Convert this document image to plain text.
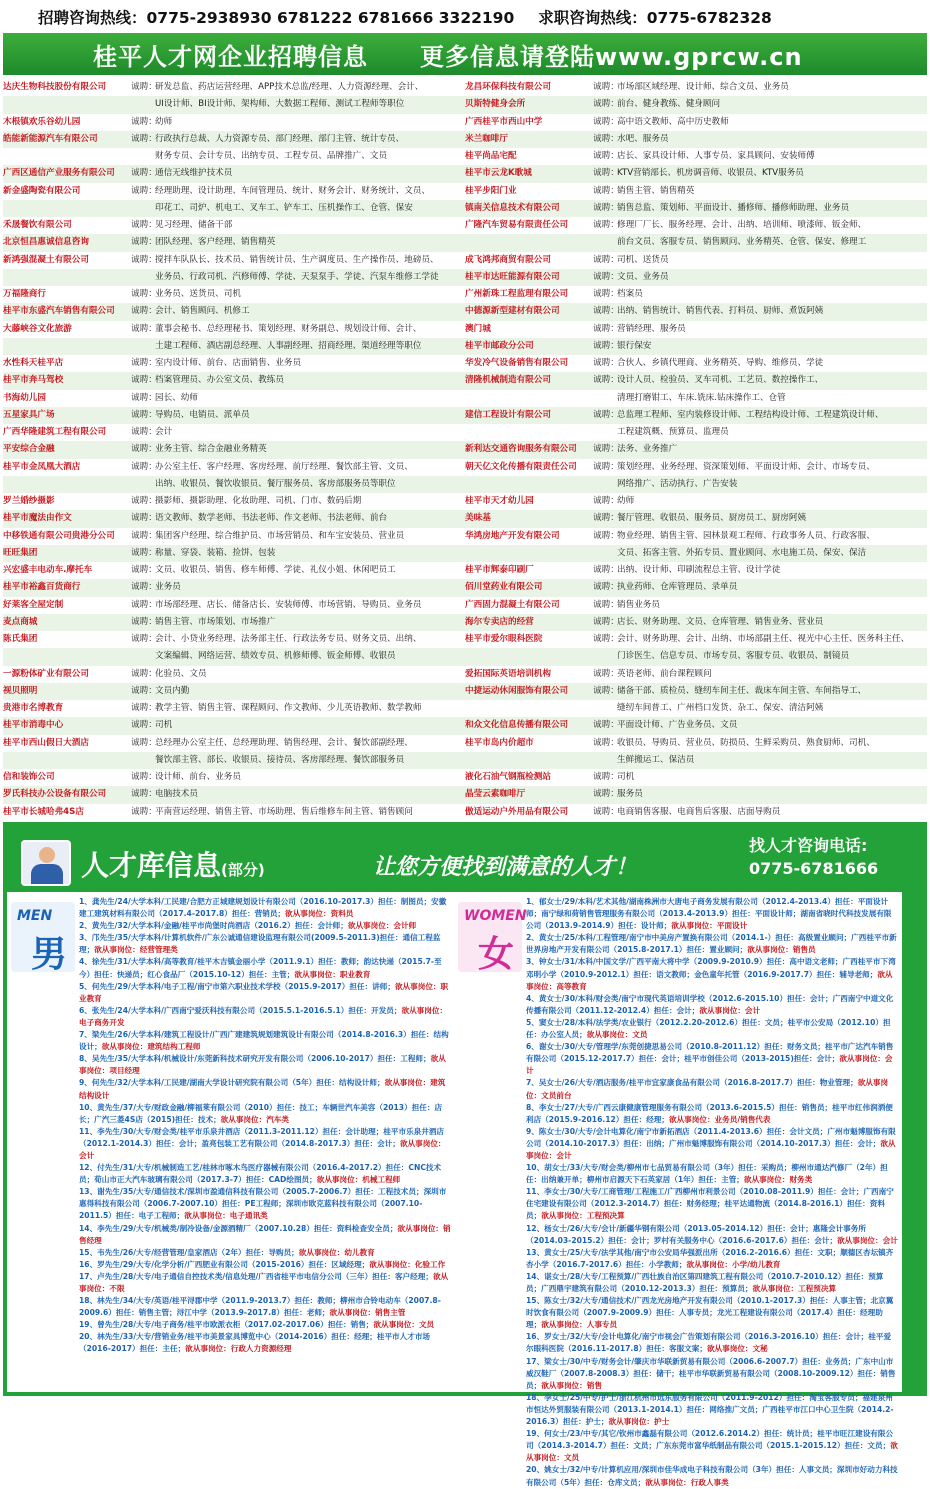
招聘咨询热线：0775-2938930 6781222 6781666 3322190 求职咨询热线：0775-6782328
桂平人才网企业招聘信息 更多信息请登陆www.gprcw.cn
达庆生物科技股份有限公司	诚聘：
研发总监、药店运营经理、APP技术总监/经理、人力资源经理、会计、
UI设计师、BI设计师、架构师、大数据工程师、测试工程师等职位
木根镇欢乐谷幼儿园	诚聘：
幼师
皓能新能源汽车有限公司	诚聘：
行政执行总裁、人力资源专员、部门经理、部门主管、统计专员、
财务专员、会计专员、出纳专员、工程专员、品牌推广、文员
广西区通信产业服务有限公司	诚聘：
通信无线维护技术员
新金盛陶瓷有限公司	诚聘：
经理助理、设计助理、车间管理员、统计、财务会计、财务统计、文员、
印花工、司炉、机电工、叉车工、铲车工、压机操作工、仓管、保安
禾晟餐饮有限公司	诚聘：
见习经理、储备干部
北京恒昌惠诚信息咨询	诚聘：
团队经理、客户经理、销售精英
新鸿强混凝土有限公司	诚聘：
搅拌车队队长、技术员、销售统计员、生产调度员、生产操作员、地磅员、
业务员、行政司机、汽修师傅、学徒、天泵泵手、学徒、汽泵车维修工学徒
万福隆商行	诚聘：
业务员、送货员、司机
桂平市东盛汽车销售有限公司	诚聘：
会计、销售顾问、机修工
大藤峡谷文化旅游	诚聘：
董事会秘书、总经理秘书、策划经理、财务副总、规划设计师、会计、
土建工程师、酒店副总经理、人事副经理、招商经理、渠道经理等职位
水性科天桂平店	诚聘：
室内设计师、前台、店面销售、业务员
桂平市奔马驾校	诚聘：
档案管理员、办公室文员、教练员
书海幼儿园	诚聘：
园长、幼师
五星家具广场	诚聘：
导购员、电销员、派单员
广西华隆建筑工程有限公司	诚聘：
会计
平安综合金融	诚聘：
业务主管、综合金融业务精英
桂平市金凤凰大酒店	诚聘：
办公室主任、客户经理、客房经理、前厅经理、餐饮部主管、文员、
出纳、收银员、餐饮收银员、餐厅服务员、客房部服务员等职位
罗兰婚纱摄影	诚聘：
摄影师、摄影助理、化妆助理、司机、门市、数码后期
桂平市魔法由作文	诚聘：
语文教师、数学老师、书法老师、作文老师、书法老师、前台
中移铁通有限公司贵港分公司	诚聘：
集团客户经理、综合维护员、市场营销员、和车宝安装员、营业员
旺旺集团	诚聘：
称量、穿袋、装箱、捡饼、包装
兴宏盛丰电动车.摩托车	诚聘：
文员、收银员、销售、修车师傅、学徒、礼仪小姐、休闲吧员工
桂平市裕鑫百货商行	诚聘：
业务员
好莱客全屋定制	诚聘：
市场部经理、店长、储备店长、安装师傅、市场营销、导购员、业务员
麦点商城	诚聘：
销售主管、市场策划、市场推广
陈氏集团	诚聘：
会计、小贷业务经理、法务部主任、行政法务专员、财务文员、出纳、
文案编辑、网络运营、绩效专员、机修师傅、钣金师傅、收银员
一源粉体矿业有限公司	诚聘：
化验员、文员
视贝照明	诚聘：
文员内勤
贵港市名博教育	诚聘：
教学主管、销售主管、课程顾问、作文教师、少儿英语教师、数学教师
桂平市消毒中心	诚聘：
司机
桂平市西山假日大酒店	诚聘：
总经理办公室主任、总经理助理、销售经理、会计、餐饮部副经理、
餐饮部主管、部长、收银员、接待员、客房部经理、餐饮部服务员
信和装饰公司	诚聘：
设计师、前台、业务员
罗氏科技办公设备有限公司	诚聘：
电脑技术员
桂平市长城哈弗4S店	诚聘：
平南营运经理、销售主管、市场助理、售后维修车间主管、销售顾问
龙昌环保科技有限公司	诚聘：
市场部区域经理、设计师、综合文员、业务员
贝斯特健身会所	诚聘：
前台、健身教练、健身顾问
广西桂平市西山中学	诚聘：
高中语文教师、高中历史教师
米兰咖啡厅	诚聘：
水吧、服务员
桂平尚品宅配	诚聘：
店长、家具设计师、人事专员、家具顾问、安装师傅
桂平市云龙K歌城	诚聘：
KTV营销部长、机房调音师、收银员、KTV服务员
桂平步阳门业	诚聘：
销售主管、销售精英
镇南关信息技术有限公司	诚聘：
销售总监、策划师、平面设计、播修师、播修师助理、业务员
广隆汽车贸易有限责任公司	诚聘：
修理厂厂长、服务经理、会计、出纳、培训师、喷漆师、钣金师、
前台文员、客服专员、销售顾问、业务精英、仓管、保安、修理工
成飞鸿邦商贸有限公司	诚聘：
司机、送货员
桂平市达旺能源有限公司	诚聘：
文员、业务员
广州新珠工程监理有限公司	诚聘：
档案员
中德源新型建材有限公司	诚聘：
出纳、销售统计、销售代表、打料员、厨师、煮饭阿姨
澳门城	诚聘：
营销经理、服务员
桂平市邮政分公司	诚聘：
银行保安
华发冷气设备销售有限公司	诚聘：
合伙人、乡镇代理商、业务精英、导购、维修员、学徒
清隆机械制造有限公司	诚聘：
设计人员、检验员、叉车司机、工艺员、数控操作工、
清理打磨钳工、车床.铣床.钻床操作工、仓管
建信工程设计有限公司	诚聘：
总监理工程师、室内装修设计师、工程结构设计师、工程建筑设计师、
工程建筑概、预算员、监理员
新利达交通咨询服务有限公司	诚聘：
法务、业务推广
朝天亿文化传播有限责任公司	诚聘：
策划经理、业务经理、资深策划师、平面设计师、会计、市场专员、
网络推广、活动执行、广告安装
桂平市天才幼儿园	诚聘：
幼师
美味基	诚聘：
餐厅管理、收银员、服务员、厨房员工、厨房阿姨
华鸿房地产开发有限公司	诚聘：
物业经理、销售主管、园林景观工程师、行政事务人员、行政客服、
文员、拓客主管、外拓专员、置业顾问、水电施工员、保安、保洁
桂平市辉泰印刷厂	诚聘：
出纳、设计师、印刷流程总主管、设计学徒
佰川堂药业有限公司	诚聘：
执业药师、仓库管理员、录单员
广西固力混凝土有限公司	诚聘：
销售业务员
海尔专卖店的经营	诚聘：
店长、财务助理、文员、仓库管理、销售业务、营业员
桂平市爱尔眼科医院	诚聘：
会计、财务助理、会计、出纳、市场部副主任、视光中心主任、医务科主任、
门诊医生、信息专员、市场专员、客服专员、收银员、制镜员
爱拓国际英语培训机构	诚聘：
英语老师、前台课程顾问
中捷运动休闲服饰有限公司	诚聘：
储备干部、质检员、缝纫车间主任、裁床车间主管、车间指导工、
缝纫车间普工、广州档口发货、杂工、保安、清洁阿姨
和众文化信息传播有限公司	诚聘：
平面设计师、广告业务员、文员
桂平市岛内价超市	诚聘：
收银员、导购员、营业员、防损员、生鲜采购员、熟食厨师、司机、
生鲜搬运工、保洁员
液化石油气钢瓶检测站	诚聘：
司机
晶莹云素咖啡厅	诚聘：
服务员
傲适运动户外用品有限公司	诚聘：
电商销售客服、电商售后客服、店面导购员
人才库信息(部分)	让您方便找到满意的人才！
找人才咨询电话:
0775-6781666
MEN
男

1、龚先生/24/大学本科/工民建/合肥方正城建规划设计有限公司（2016.10-2017.3）担任：制图员；安徽建工建筑材料有限公司（2017.4-2017.8）担任：营销员；欲从事岗位：资料员

2、黄先生/32/大学本科/金融/桂平市尚堡时尚酒店（2016.2）担任：会计师；欲从事岗位：会计师

3、邝先生/35/大学本科/计算机软件/广东公诚通信建设监理有限公司(2009.5-2011.3)担任：通信工程监理；欲从事岗位：经营管理类

4、徐先生/31/大学本科/高等教育/桂平木吉镇金丽小学（2011.9.1）担任：教师；韵达快递（2015.7-至今）担任：快递员；红心食品厂（2015.10-12）担任：主管；欲从事岗位：职业教育

5、何先生/29/大学本科/电子工程/南宁市第六职业技术学校（2015.9-2017）担任：讲师；欲从事岗位：职业教育

6、张先生/24/大学本科/广西南宁爱沃科技有限公司（2015.5.1-2016.5.1）担任：开发员；欲从事岗位：电子商务开发

7、梁先生/26/大学本科/建筑工程设计/广西广建建筑规划建筑设计有限公司（2014.8-2016.3）担任：结构设计；欲从事岗位：建筑结构工程师

8、吴先生/35/大学本科/机械设计/东莞新科技术研究开发有限公司（2006.10-2017）担任：工程师；欲从事岗位：项目经理

9、何先生/32/大学本科/工民建/湖南大学设计研究院有限公司（5年）担任：结构设计师；欲从事岗位：建筑结构设计

10、黄先生/37/大专/财政金融/柳福莱有限公司（2010）担任：技工；车辆世汽车美容（2013）担任：店长；广汽三菱4S店（2015)担任：技术；欲从事岗位：汽车类

11、李先生/30/大专/财会类/桂平市乐泉井酒店（2011.3-2011.12）担任：会计助理；桂平市乐泉井酒店（2012.1-2014.3）担任：会计；盈亮包装工艺有限公司（2014.8-2017.3）担任：会计；欲从事岗位：会计

12、付先生/31/大专/机械制造工艺/桂林市啄木鸟医疗器械有限公司（2016.4-2017.2）担任：CNC技术员；荀山市正大汽车玻璃有限公司（2017.3-7）担任：CAD绘图员；欲从事岗位：机械工程师

13、谢先生/35/大专/通信技术/深圳市盈通信科技有限公司（2005.7-2006.7）担任：工程技术员；深圳市惠得科技有限公司（2006.7-2007.10）担任：PE工程师；深圳市欧克蓝科技有限公司（2007.10-2011.5）担任：电子工程师；欲从事岗位：电子通讯类

14、李先生/29/大专/机械类/制冷设备/金源酒精厂（2007.10.28）担任：资料检查安全员；欲从事岗位：销售经理

15、韦先生/26/大专/经营管理/皇家酒店（2年）担任：导购员；欲从事岗位：幼儿教育

16、罗先生/29/大专/化学分析/广西肥业有限公司（2015-2016）担任：区域经理；欲从事岗位：化验工作

17、卢先生/28/大专/电子通信自控技术类/信息处理/广西省桂平市电信分公司（三年）担任：客户经理；欲从事岗位：不限

18、林先生/34/大专/英语/桂平浔郡中学（2011.9-2013.7）担任：教师；柳州市合铃电动车（2007.8-2009.6）担任：销售主管；浔江中学（2013.9-2017.8）担任：老师；欲从事岗位：销售主管

19、曾先生/28/大专/电子商务/桂平市欧派衣柜（2017.02-2017.06）担任：销售；欲从事岗位：文员

20、林先生/33/大专/营销业务/桂平市美景家具博览中心（2014-2016）担任：经理；桂平市人才市场（2016-2017）担任：主任；欲从事岗位：行政人力资源经理

WOMEN
女

1、郁女士/29/本科/艺术其他/湖南株洲市大唐电子商务发展有限公司（2012.4-2013.4）担任：平面设计师；南宁绿和荷销售管理服务有限公司（2013.4-2013.9）担任：平面设计师；湖南省晓时代科技发展有限公司（2013.9-2014.9）担任：设计师；欲从事岗位：平面设计

2、黄女士/25/本科/工程管理/南宁市中美房产置换有限公司（2014.1-）担任：高级置业顾问；广西桂平市新世界房地产开发有限公司（2015.8-2017.1）担任：置业顾问；欲从事岗位：销售员

3、钟女士/31/本科/中国文学/广西平南大将中学（2009.9-2010.9）担任：高中语文老师；广西桂平市下湾邓明小学（2010.9-2012.1）担任：语文教师；金色童年托管（2016.9-2017.7）担任：辅导老师；欲从事岗位：高等教育

4、黄女士/30/本科/财会类/南宁市现代英语培训学校（2012.6-2015.10）担任：会计；广西南宁中道文化传播有限公司（2011.12-2012.4）担任：会计；欲从事岗位：会计

5、窦女士/28/本科/法学类/农业银行（2012.2.20-2012.6）担任：文员；桂平市公安局（2012.10）担任：办公室人员；欲从事岗位：文员

6、谢女士/30/大专/管理学/东莞创捷思易公司（2010.8-2011.12）担任：财务文员；桂平市广达汽车销售有限公司（2015.12-2017.7）担任：会计；桂平市创佳公司（2013-2015)担任：会计；欲从事岗位：会计

7、吴女士/26/大专/酒店服务/桂平市宜家康食品有限公司（2016.8-2017.7）担任：物业管理；欲从事岗位：文员前台

8、李女士/27/大专/广西云康健康管理服务有限公司（2013.6-2015.5）担任：销售员；桂平市红伟润洒便利店（2015.9-2016.12）担任：经理；欲从事岗位：业务员/销售代表

9、陈女士/30/大专/会计电算化/南宁市新拓酒店（2011.4-2013.6）担任：会计文员；广州市魁博服饰有限公司（2014.10-2017.3）担任：出纳；广州市魁博服饰有限公司（2014.10-2017.3）担任：会计；欲从事岗位：会计

10、胡女士/33/大专/财会类/柳州市七品贸易有限公司（3年）担任：采购员；柳州市通达汽修厂（2年）担任：出纳兼开单；柳州市启源天下石英家居（1年）担任：主管；欲从事岗位：财务类

11、李女士/30/大专/工商管理/工程施工/广西柳州市利景公司（2010.08-2011.9）担任：会计；广西南宁住宅建设有限公司（2012.3-2014.7）担任：财务经理；桂平达通物流（2014.8-2016.1）担任：资料员；欲从事岗位：工程预决算

12、杨女士/26/大专/会计/新疆华钢有限公司（2013.05-2014.12）担任：会计；惠隆会计事务所（2014.03-2015.2）担任：会计；罗村有关服务中心（2016.6-2017.6）担任：会计；欲从事岗位：会计

13、黄女士/25/大专/法学其他/南宁市公安局华强派出所（2016.2-2016.6）担任：文职；顺德区杏坛镇齐杏小学（2016.7-2017.6）担任：小学教师；欲从事岗位：小学/幼儿教育

14、谌女士/28/大专/工程预算/广西壮族自治区第四建筑工程有限公司（2010.7-2010.12）担任：预算员；广西鼎宇建筑有限公司（2010.12-2013.3）担任：预算员；欲从事岗位：工程预决算

15、陈女士/32/大专/通信技术/广西龙光房地产开发有限公司（2010.1-2017.3）担任：人事主管；北京翼时饮食有限公司（2007.9-2009.9）担任：人事专员；龙光工程建设有限公司（2017.4）担任：经理助理；欲从事岗位：人事专员

16、罗女士/32/大专/会计电算化/南宁市视会广告策划有限公司（2016.3-2016.10）担任：会计；桂平爱尔眼科医院（2016.11-2017.8）担任：客服文案；欲从事岗位：文秘

17、梁女士/30/中专/财务会计/肇庆市华联新贸易有限公司（2006.6-2007.7）担任：业务员；广东中山市威汉鞋厂（2007.8-2008.3）担任：储干；桂平市华联新贸易有限公司（2008.10-2009.12）担任：销售员；欲从事岗位：销售

18、李女士/25/中专/护士/浙江杭州市远东服务有限公司（2011.9-2012）担任：淘宝客服专员；福建泉州市恒达外贸服装有限公司（2013.1-2014.1）担任：网络推广文员；广西桂平市江口中心卫生院（2014.2-2016.3）担任：护士；欲从事岗位：护士

19、何女士/23/中专/其它/钦州市鑫磊有限公司（2012.6.2014.2）担任：统计员；桂平市旺江建设有限公司（2014.3-2014.7）担任：文员；广东东莞市富华纸制品有限公司（2015.1-2015.12）担任：文员；欲从事岗位：文员

20、姚女士/32/中专/计算机应用/深圳市佳华成电子科技有限公司（3年）担任：人事文员；深圳市好动力科技有限公司（5年）担任：仓库文员；欲从事岗位：行政人事类
